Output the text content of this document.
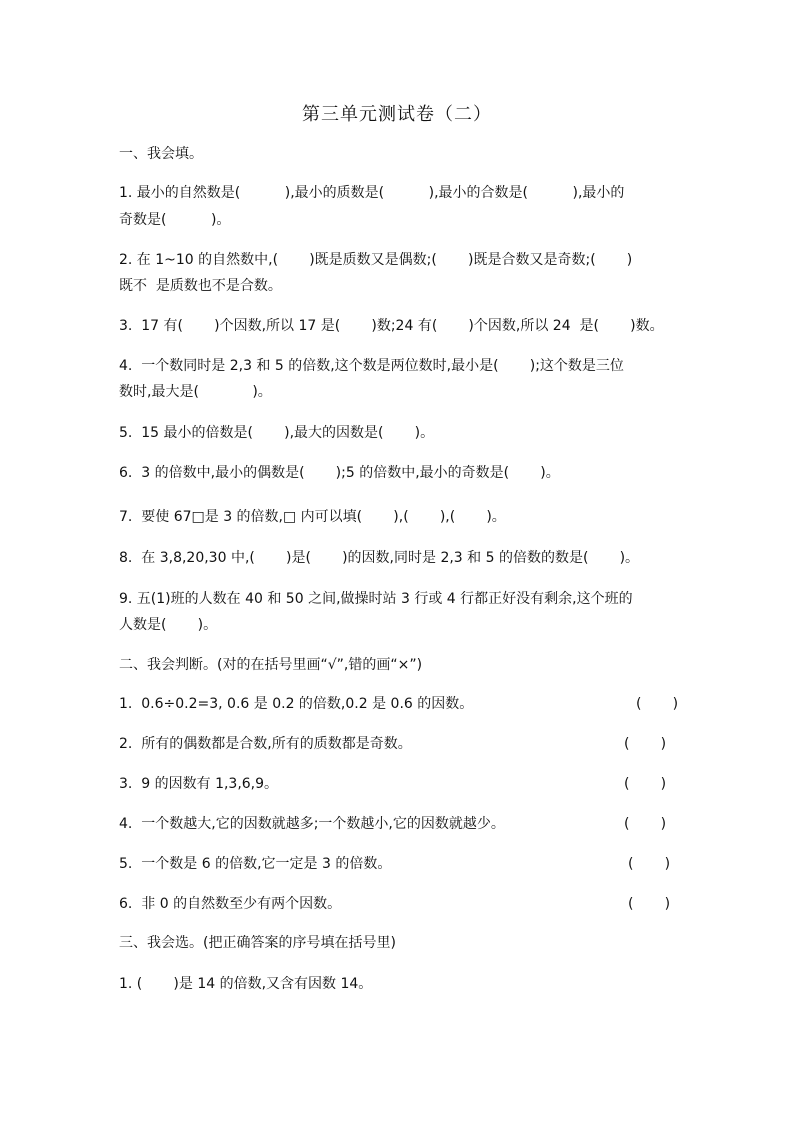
第三单元测试卷（二）
一、我会填。
1. 最小的自然数是(          ),最小的质数是(          ),最小的合数是(          ),最小的
奇数是(          )。
2. 在 1~10 的自然数中,(       )既是质数又是偶数;(       )既是合数又是奇数;(       )
既不  是质数也不是合数。
3.  17 有(       )个因数,所以 17 是(       )数;24 有(       )个因数,所以 24  是(       )数。
4.  一个数同时是 2,3 和 5 的倍数,这个数是两位数时,最小是(       );这个数是三位
数时,最大是(            )。
5.  15 最小的倍数是(       ),最大的因数是(       )。
6.  3 的倍数中,最小的偶数是(       );5 的倍数中,最小的奇数是(       )。
7.  要使 67□是 3 的倍数,□ 内可以填(       ),(       ),(       )。
8.  在 3,8,20,30 中,(       )是(       )的因数,同时是 2,3 和 5 的倍数的数是(       )。
9. 五(1)班的人数在 40 和 50 之间,做操时站 3 行或 4 行都正好没有剩余,这个班的
人数是(       )。
二、我会判断。(对的在括号里画“√”,错的画“×”)
1.  0.6÷0.2=3, 0.6 是 0.2 的倍数,0.2 是 0.6 的因数。	(       )
2.  所有的偶数都是合数,所有的质数都是奇数。	(       )
3.  9 的因数有 1,3,6,9。	(       )
4.  一个数越大,它的因数就越多;一个数越小,它的因数就越少。	(       )
5.  一个数是 6 的倍数,它一定是 3 的倍数。	(       )
6.  非 0 的自然数至少有两个因数。	(       )
三、我会选。(把正确答案的序号填在括号里)
1. (       )是 14 的倍数,又含有因数 14。
